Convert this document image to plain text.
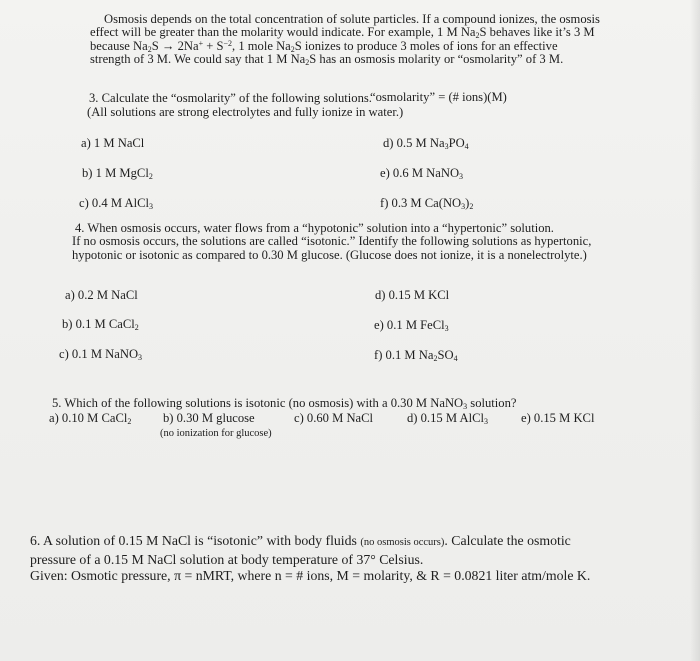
Osmosis depends on the total concentration of solute particles. If a compound ionizes, the osmosis
effect will be greater than the molarity would indicate. For example, 1 M $Na_2S$ behaves like it’s 3 M
because $Na_2S \to 2Na^+ + S^{-2}$, 1 mole $Na_2S$ ionizes to produce 3 moles of ions for an effective
strength of 3 M. We could say that 1 M $Na_2S$ has an osmosis molarity or “osmolarity” of 3 M.
3. Calculate the “osmolarity” of the following solutions.
“osmolarity” = (# ions)(M)
(All solutions are strong electrolytes and fully ionize in water.)
a) 1 M NaCl
b) 1 M MgCl$_2$
c) 0.4 M AlCl$_3$
d) 0.5 M $Na_3PO_4$
e) 0.6 M NaNO$_3$
f) 0.3 M $Ca(NO_3)_2$
4. When osmosis occurs, water flows from a “hypotonic” solution into a “hypertonic” solution.
If no osmosis occurs, the solutions are called “isotonic.” Identify the following solutions as hypertonic,
hypotonic or isotonic as compared to 0.30 M glucose. (Glucose does not ionize, it is a nonelectrolyte.)
a) 0.2 M NaCl
b) 0.1 M CaCl$_2$
c) 0.1 M NaNO$_3$
d) 0.15 M KCl
e) 0.1 M FeCl$_3$
f) 0.1 M $Na_2SO_4$
5. Which of the following solutions is isotonic (no osmosis) with a 0.30 M NaNO$_3$ solution?
a) 0.10 M CaCl$_2$	b) 0.30 M glucose	c) 0.60 M NaCl	d) 0.15 M AlCl$_3$	e) 0.15 M KCl
(no ionization for glucose)
6. A solution of 0.15 M NaCl is “isotonic” with body fluids (no osmosis occurs). Calculate the osmotic
pressure of a 0.15 M NaCl solution at body temperature of 37° Celsius.
Given: Osmotic pressure, π = nMRT, where n = # ions, M = molarity, & R = 0.0821 liter atm/mole K.
